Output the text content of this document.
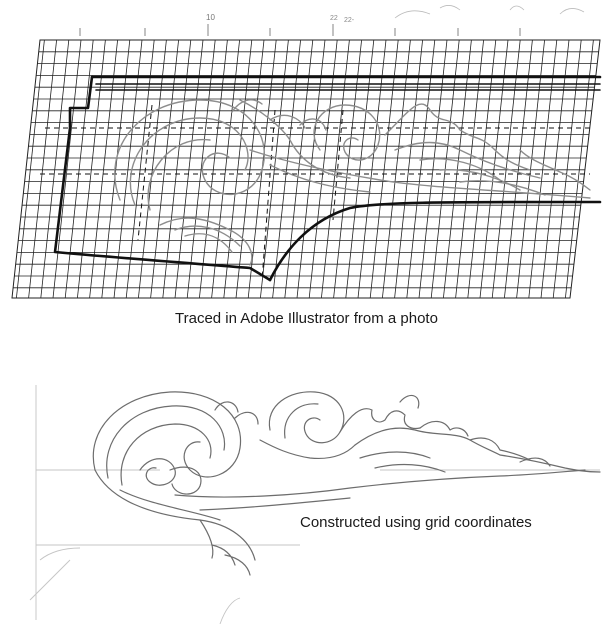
10	22 22-
Traced in Adobe Illustrator from a photo
Constructed using grid coordinates
